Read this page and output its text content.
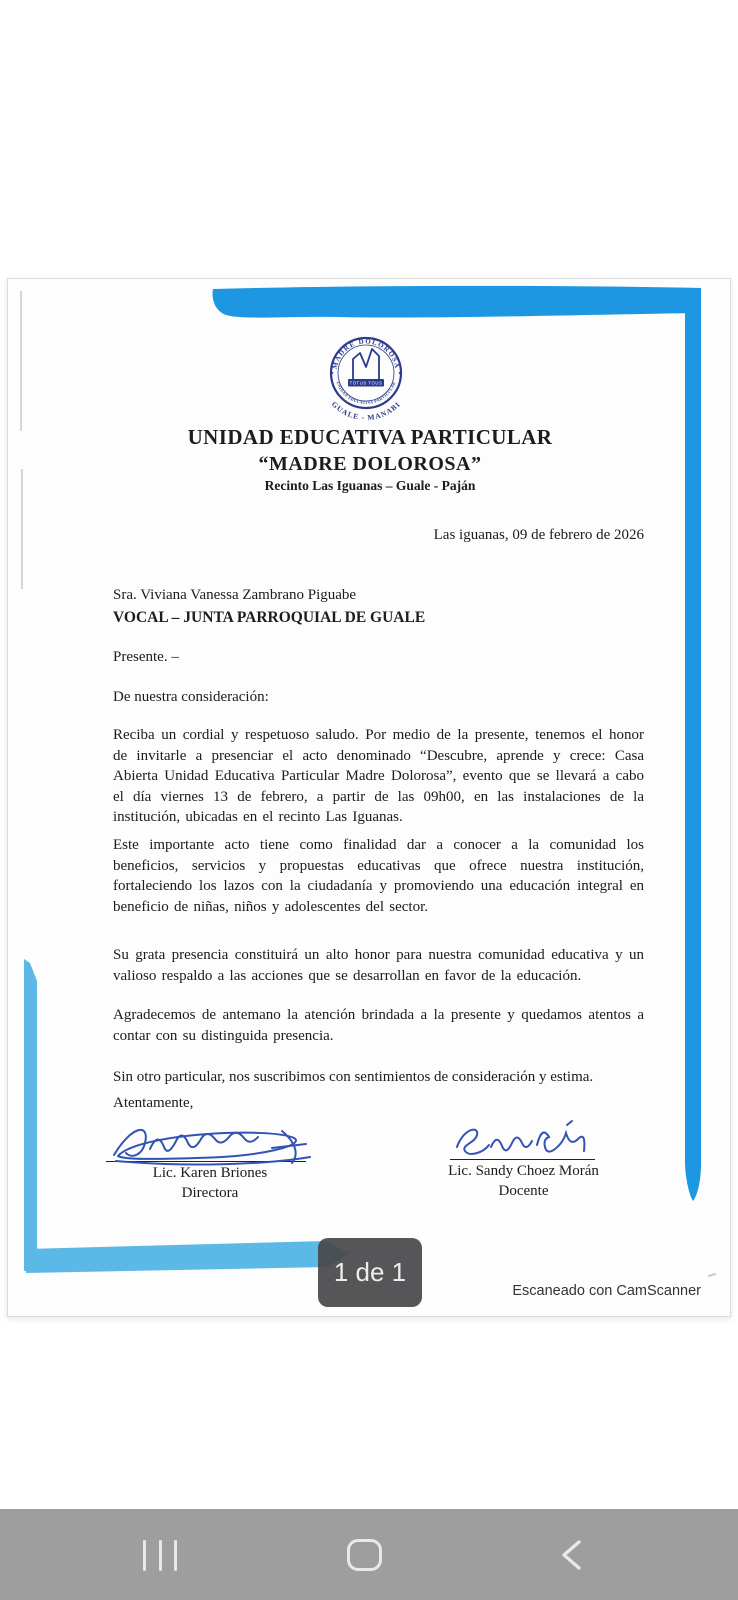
MADRE DOLOROSA
UNIDAD EDUCATIVA PARTICULAR
GUALE - MANABI
TOTUS TOUS
UNIDAD EDUCATIVA PARTICULAR
“MADRE DOLOROSA”
Recinto Las Iguanas – Guale - Paján
Las iguanas, 09 de febrero de 2026
Sra. Viviana Vanessa Zambrano Piguabe
VOCAL – JUNTA PARROQUIAL DE GUALE
Presente. –
De nuestra consideración:
Reciba un cordial y respetuoso saludo. Por medio de la presente, tenemos el honor de invitarle a presenciar el acto denominado “Descubre, aprende y crece: Casa Abierta Unidad Educativa Particular Madre Dolorosa”, evento que se llevará a cabo el día viernes 13 de febrero, a partir de las 09h00, en las instalaciones de la institución, ubicadas en el recinto Las Iguanas.
Este importante acto tiene como finalidad dar a conocer a la comunidad los beneficios, servicios y propuestas educativas que ofrece nuestra institución, fortaleciendo los lazos con la ciudadanía y promoviendo una educación integral en beneficio de niñas, niños y adolescentes del sector.
Su grata presencia constituirá un alto honor para nuestra comunidad educativa y un valioso respaldo a las acciones que se desarrollan en favor de la educación.
Agradecemos de antemano la atención brindada a la presente y quedamos atentos a contar con su distinguida presencia.
Sin otro particular, nos suscribimos con sentimientos de consideración y estima.
Atentamente,
Lic. Karen Briones
Directora
Lic. Sandy Choez Morán
Docente
1 de 1
Escaneado con CamScanner
